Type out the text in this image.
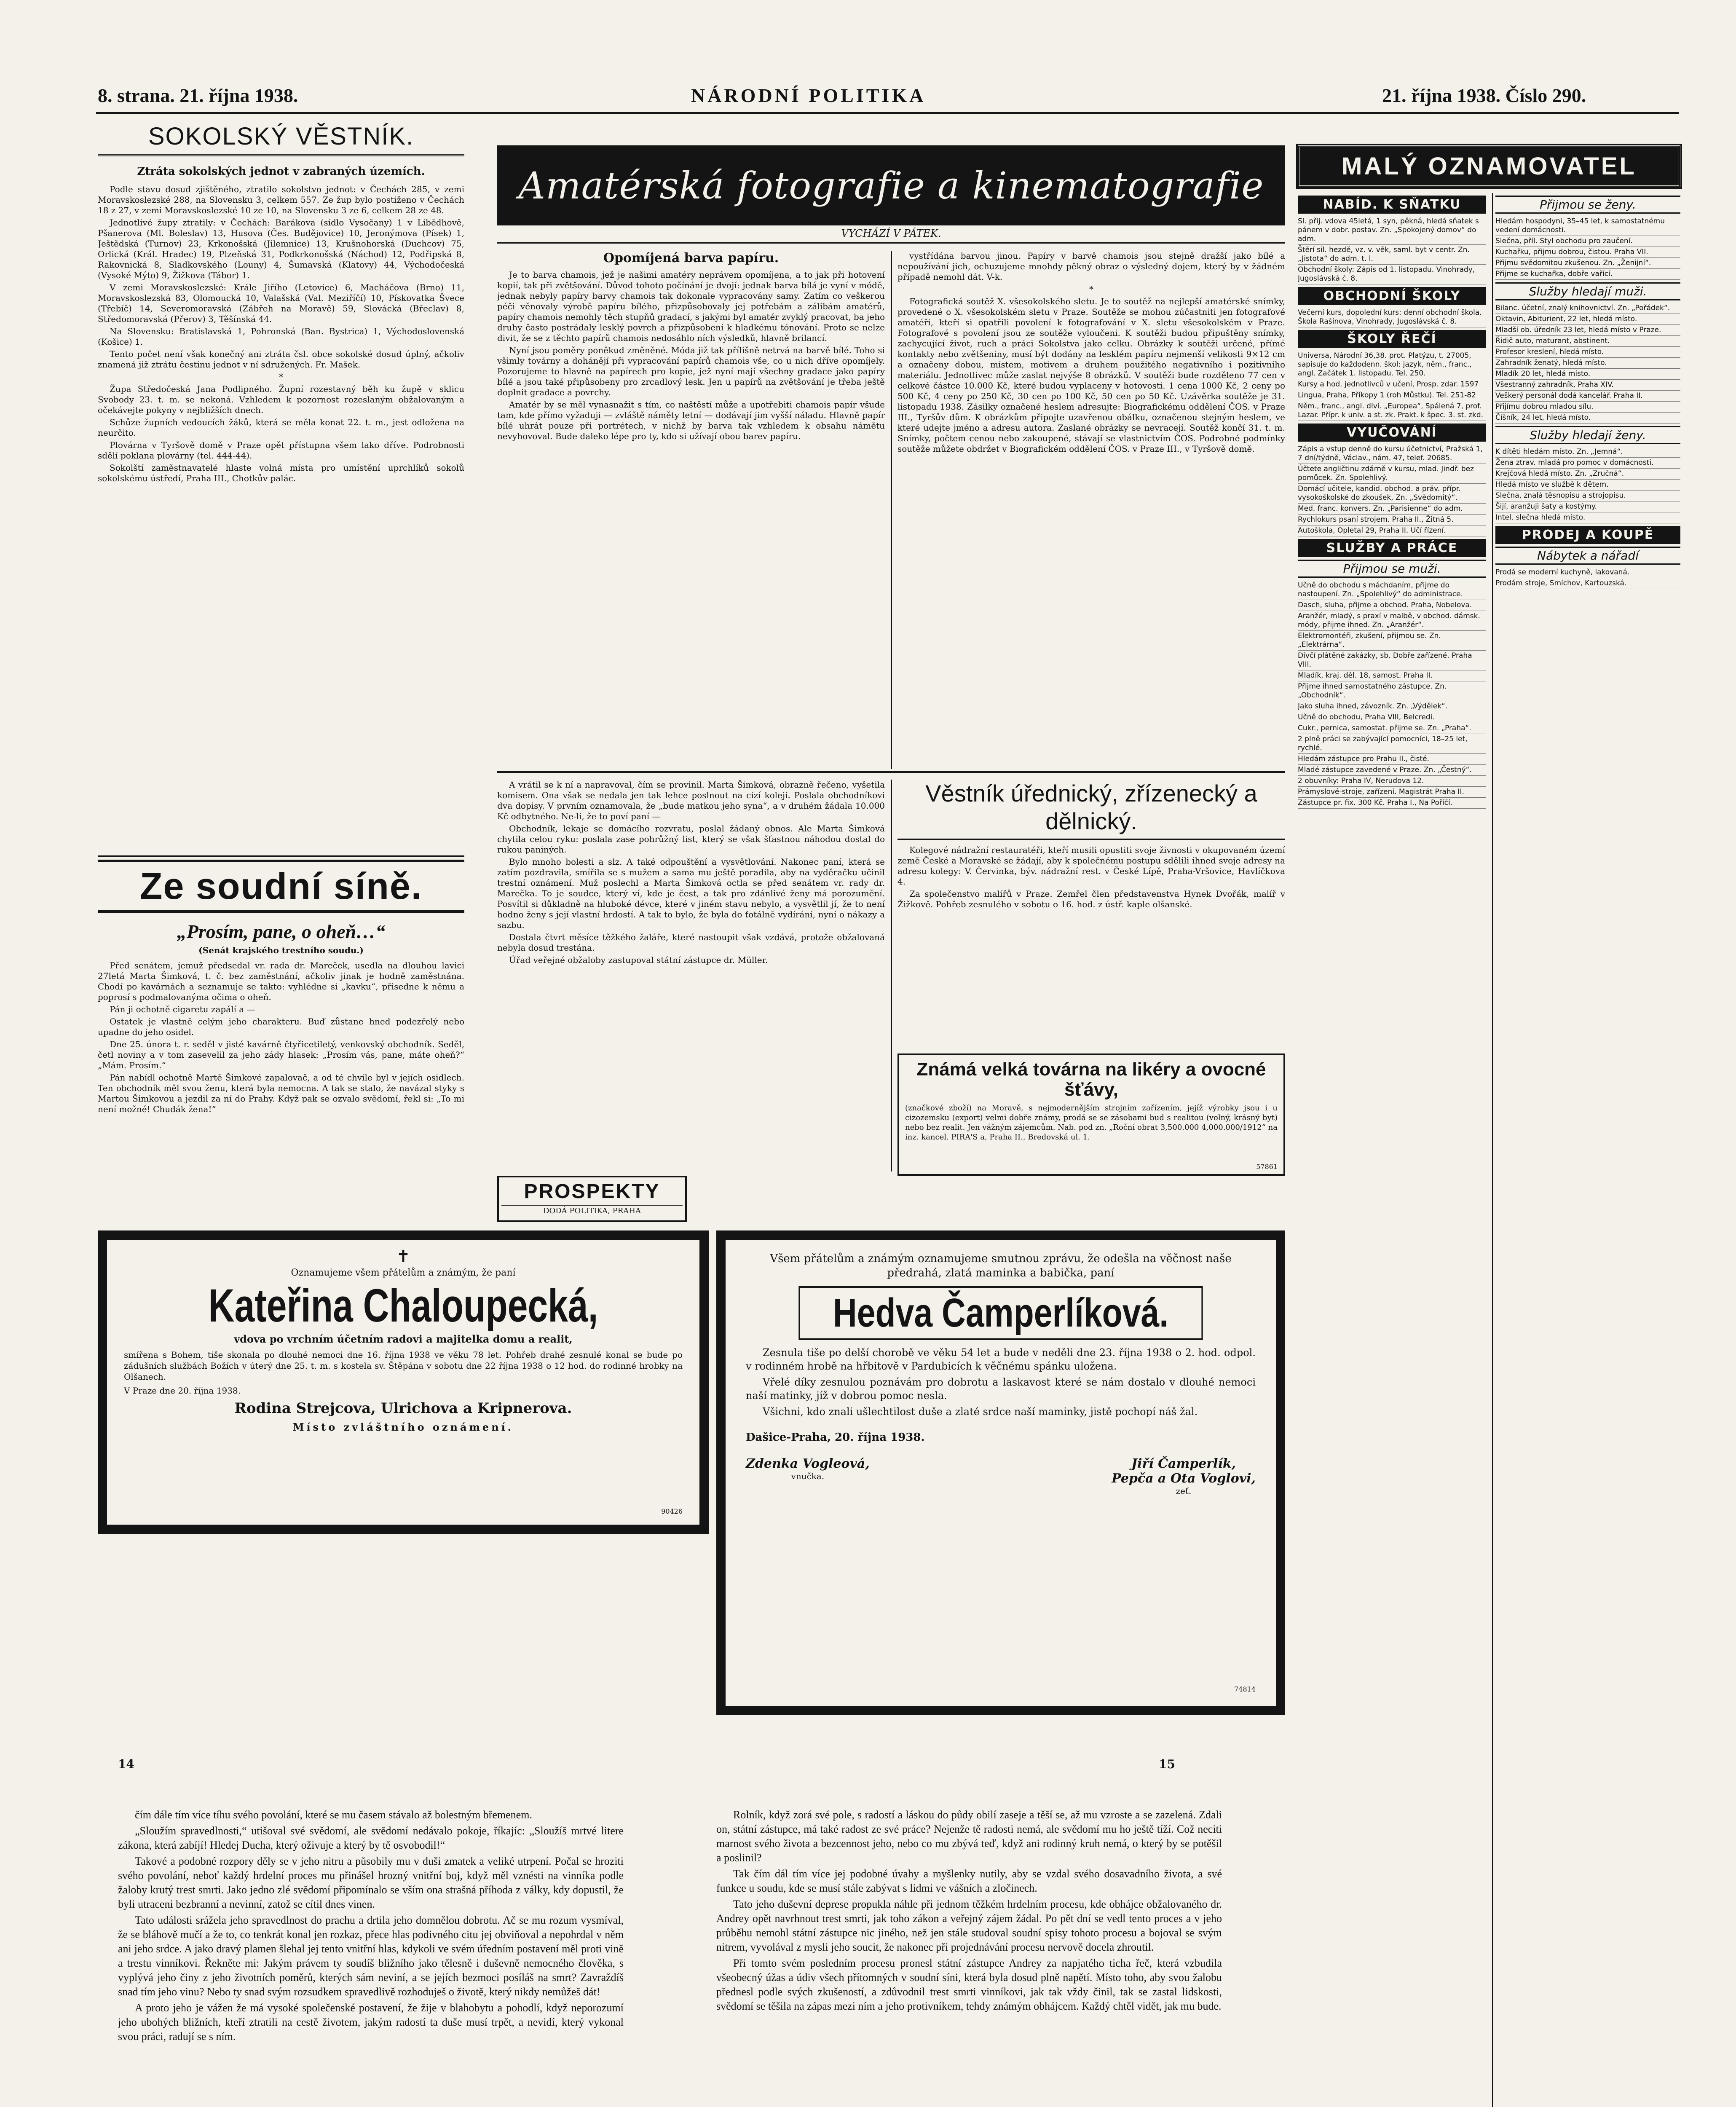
8. strana. 21. října 1938.	NÁRODNÍ POLITIKA	21. října 1938. Číslo 290.
SOKOLSKÝ VĚSTNÍK.
Ztráta sokolských jednot v zabraných územích.

Podle stavu dosud zjištěného, ztratilo sokolstvo jednot: v Čechách 285, v zemi Moravskoslezské 288, na Slovensku 3, celkem 557. Ze žup bylo postiženo v Čechách 18 z 27, v zemi Moravskoslezské 10 ze 10, na Slovensku 3 ze 6, celkem 28 ze 48.

Jednotlivé župy ztratily: v Čechách: Barákova (sídlo Vysočany) 1 v Libědhově, Pšanerova (Ml. Boleslav) 13, Husova (Čes. Budějovice) 10, Jeronýmova (Písek) 1, Ještědská (Turnov) 23, Krkonošská (Jilemnice) 13, Krušnohorská (Duchcov) 75, Orlická (Král. Hradec) 19, Plzeňská 31, Podkrkonošská (Náchod) 12, Podřipská 8, Rakovnická 8, Sladkovského (Louny) 4, Šumavská (Klatovy) 44, Východočeská (Vysoké Mýto) 9, Žižkova (Tábor) 1.

V zemi Moravskoslezské: Krále Jiřího (Letovice) 6, Macháčova (Brno) 11, Moravskoslezská 83, Olomoucká 10, Valašská (Val. Meziříčí) 10, Pískovatka Švece (Třebíč) 14, Severomoravská (Zábřeh na Moravě) 59, Slovácká (Břeclav) 8, Středomoravská (Přerov) 3, Těšínská 44.

Na Slovensku: Bratislavská 1, Pohronská (Ban. Bystrica) 1, Východoslovenská (Košice) 1.

Tento počet není však konečný ani ztráta čsl. obce sokolské dosud úplný, ačkoliv znamená již ztrátu čestinu jednot v ní sdružených. Fr. Mašek.

*

Župa Středočeská Jana Podlipného. Župní rozestavný běh ku župě v sklicu Svobody 23. t. m. se nekoná. Vzhledem k pozornost rozeslaným obžalovaným a očekávejte pokyny v nejbližších dnech.

Schůze župních vedoucích žáků, která se měla konat 22. t. m., jest odložena na neurčito.

Plovárna v Tyršově domě v Praze opět přístupna všem lako dříve. Podrobnosti sdělí poklana plovárny (tel. 444-44).

Sokolští zaměstnavatelé hlaste volná místa pro umístění uprchlíků sokolů sokolskému ústředí, Praha III., Chotkův palác.

Ze soudní síně.
„Prosím, pane, o oheň…“
(Senát krajského trestního soudu.)

Před senátem, jemuž předsedal vr. rada dr. Mareček, usedla na dlouhou lavici 27letá Marta Šimková, t. č. bez zaměstnání, ačkoliv jinak je hodně zaměstnána. Chodí po kavárnách a seznamuje se takto: vyhlédne si „kavku“, přisedne k němu a poprosí s podmalovanýma očima o oheň.

Pán ji ochotně cigaretu zapálí a —

Ostatek je vlastně celým jeho charakteru. Buď zůstane hned podezřelý nebo upadne do jeho osidel.

Dne 25. února t. r. seděl v jisté kavárně čtyřicetiletý, venkovský obchodník. Seděl, četl noviny a v tom zasevelil za jeho zády hlasek: „Prosím vás, pane, máte oheň?“ „Mám. Prosím.“

Pán nabídl ochotně Martě Šimkové zapalovač, a od té chvíle byl v jejích osidlech. Ten obchodník měl svou ženu, která byla nemocna. A tak se stalo, že navázal styky s Martou Šimkovou a jezdil za ní do Prahy. Když pak se ozvalo svědomí, řekl si: „To mi není možné! Chudák žena!“

Amatérská fotografie a kinematografie
VYCHÁZÍ V PÁTEK.
Opomíjená barva papíru.

Je to barva chamois, jež je našimi amatéry neprávem opomíjena, a to jak při hotovení kopií, tak při zvětšování. Důvod tohoto počínání je dvojí: jednak barva bílá je vyní v módě, jednak nebyly papíry barvy chamois tak dokonale vypracovány samy. Zatím co veškerou péči věnovaly výrobě papíru bílého, přizpůsobovaly jej potřebám a zálibám amatérů, papíry chamois nemohly těch stupňů gradací, s jakými byl amatér zvyklý pracovat, ba jeho druhy často postrádaly lesklý povrch a přizpůsobení k hladkému tónování. Proto se nelze divit, že se z těchto papírů chamois nedosáhlo ních výsledků, hlavně brilancí.

Nyní jsou poměry poněkud změněné. Móda již tak přílišně netrvá na barvě bílé. Toho si všimly továrny a dohánějí při vypracování papírů chamois vše, co u nich dříve opomíjely. Pozorujeme to hlavně na papírech pro kopie, jež nyní mají všechny gradace jako papíry bílé a jsou také připůsobeny pro zrcadlový lesk. Jen u papírů na zvětšování je třeba ještě doplnit gradace a povrchy.

Amatér by se měl vynasnažit s tím, co naštěstí může a upotřebiti chamois papír všude tam, kde přímo vyžaduji — zvláště náměty letní — dodávají jim vyšší náladu. Hlavně papír bílé uhrát pouze při portrétech, v nichž by barva tak vzhledem k obsahu námětu nevyhovoval. Bude daleko lépe pro ty, kdo si užívají obou barev papíru.

vystřídána barvou jinou. Papíry v barvě chamois jsou stejně dražší jako bílé a nepoužívání jich, ochuzujeme mnohdy pěkný obraz o výsledný dojem, který by v žádném případě nemohl dát. V-k.

*

Fotografická soutěž X. všesokolského sletu. Je to soutěž na nejlepší amatérské snímky, provedené o X. všesokolském sletu v Praze. Soutěže se mohou zúčastniti jen fotografové amatéři, kteří si opatřili povolení k fotografování v X. sletu všesokolském v Praze. Fotografové s povolení jsou ze soutěže vyloučeni. K soutěži budou připuštěny snímky, zachycující život, ruch a práci Sokolstva jako celku. Obrázky k soutěži určené, přímé kontakty nebo zvětšeniny, musí být dodány na lesklém papíru nejmenší velikosti 9×12 cm a označeny dobou, místem, motivem a druhem použitého negativního i pozitivního materiálu. Jednotlivec může zaslat nejvýše 8 obrázků. V soutěži bude rozděleno 77 cen v celkové částce 10.000 Kč, které budou vyplaceny v hotovosti. 1 cena 1000 Kč, 2 ceny po 500 Kč, 4 ceny po 250 Kč, 30 cen po 100 Kč, 50 cen po 50 Kč. Uzávěrka soutěže je 31. listopadu 1938. Zásilky označené heslem adresujte: Biografickému oddělení ČOS. v Praze III., Tyršův dům. K obrázkům připojte uzavřenou obálku, označenou stejným heslem, ve které udejte jméno a adresu autora. Zaslané obrázky se nevracejí. Soutěž končí 31. t. m. Snímky, počtem cenou nebo zakoupené, stávají se vlastnictvím ČOS. Podrobné podmínky soutěže můžete obdržet v Biografickém oddělení ČOS. v Praze III., v Tyršově domě.

A vrátil se k ní a napravoval, čím se provinil. Marta Šimková, obrazně řečeno, vyšetila komisem. Ona však se nedala jen tak lehce poslnout na cizí koleji. Poslala obchodníkovi dva dopisy. V prvním oznamovala, že „bude matkou jeho syna“, a v druhém žádala 10.000 Kč odbytného. Ne-li, že to poví paní —

Obchodník, lekaje se domácího rozvratu, poslal žádaný obnos. Ale Marta Šimková chytila celou ryku: poslala zase pohrůžný list, který se však šťastnou náhodou dostal do rukou paniných.

Bylo mnoho bolesti a slz. A také odpouštění a vysvětlování. Nakonec paní, která se zatím pozdravila, smířila se s mužem a sama mu ještě poradila, aby na vyděračku učinil trestní oznámení. Muž poslechl a Marta Šimková octla se před senátem vr. rady dr. Marečka. To je soudce, který ví, kde je čest, a tak pro zdánlivé ženy má porozumění. Posvítil si důkladně na hluboké dévce, které v jiném stavu nebylo, a vysvětlil jí, že to není hodno ženy s její vlastní hrdostí. A tak to bylo, že byla do ťotálně vydírání, nyní o nákazy a sazbu.

Dostala čtvrt měsíce těžkého žaláře, které nastoupit však vzdává, protože obžalovaná nebyla dosud trestána.

Úřad veřejné obžaloby zastupoval státní zástupce dr. Müller.

Věstník úřednický, zřízenecký a dělnický.

Kolegové nádražní restauratéři, kteří musili opustiti svoje živnosti v okupovaném území země České a Moravské se žádají, aby k společnému postupu sdělili ihned svoje adresy na adresu kolegy: V. Červinka, býv. nádražní rest. v České Lípě, Praha-Vršovice, Havlíčkova 4.

Za společenstvo malířů v Praze. Zemřel člen představenstva Hynek Dvořák, malíř v Žižkově. Pohřeb zesnulého v sobotu o 16. hod. z ústř. kaple olšanské.

Známá velká továrna na likéry a ovocné šťávy,
(značkové zboží) na Moravě, s nejmodernějším strojním zařízením, jejíž výrobky jsou i u cizozemsku (export) velmi dobře známy, prodá se se zásobami bud s realitou (volný, krásný byt) nebo bez realit. Jen vážným zájemcům. Nab. pod zn. „Roční obrat 3,500.000 4,000.000/1912“ na inz. kancel. PIRA'S a, Praha II., Bredovská ul. 1.
57861
PROSPEKTY
DODÁ POLITIKA, PRAHA
✝
Oznamujeme všem přátelům a známým, že paní
Kateřina Chaloupecká,
vdova po vrchním účetním radovi a majitelka domu a realit,
smířena s Bohem, tiše skonala po dlouhé nemoci dne 16. října 1938 ve věku 78 let. Pohřeb drahé zesnulé konal se bude po zádušních službách Božích v úterý dne 25. t. m. s kostela sv. Štěpána v sobotu dne 22 října 1938 o 12 hod. do rodinné hrobky na Olšanech.
V Praze dne 20. října 1938.
Rodina Strejcova, Ulrichova a Kripnerova.
Místo zvláštního oznámení.
90426
Všem přátelům a známým oznamujeme smutnou zprávu, že odešla na věčnost naše předrahá, zlatá maminka a babička, paní
Hedva Čamperlíková.
Zesnula tiše po delší chorobě ve věku 54 let a bude v neděli dne 23. října 1938 o 2. hod. odpol. v rodinném hrobě na hřbitově v Pardubicích k věčnému spánku uložena.
Vřelé díky zesnulou poznávám pro dobrotu a laskavost které se nám dostalo v dlouhé nemoci naší matinky, jíž v dobrou pomoc nesla.
Všichni, kdo znali ušlechtilost duše a zlaté srdce naší maminky, jistě pochopí náš žal.
Dašice-Praha, 20. října 1938.
Zdenka Vogleová,
vnučka.
Jiří Čamperlík,
Pepča a Ota Voglovi,
zeť.
74814
14	15

čím dále tím více tíhu svého povolání, které se mu časem stávalo až bolestným břemenem.

„Sloužím spravedlnosti,“ utišoval své svědomí, ale svědomí nedávalo pokoje, říkajíc: „Sloužíš mrtvé litere zákona, která zabíjí! Hledej Ducha, který oživuje a který by tě osvobodil!“

Takové a podobné rozpory děly se v jeho nitru a působily mu v duši zmatek a veliké utrpení. Počal se hroziti svého povolání, neboť každý hrdelní proces mu přinášel hrozný vnitřní boj, když měl vznésti na vinníka podle žaloby krutý trest smrti. Jako jedno zlé svědomí připomínalo se vším ona strašná příhoda z války, kdy dopustil, že byli utraceni bezbranní a nevinní, zatož se cítil dnes vinen.

Tato události srážela jeho spravedlnost do prachu a drtila jeho domnělou dobrotu. Ač se mu rozum vysmíval, že se bláhově mučí a že to, co tenkrát konal jen rozkaz, přece hlas podivného citu jej obviňoval a nepohrdal v něm ani jeho srdce. A jako dravý plamen šlehal jej tento vnitřní hlas, kdykoli ve svém úředním postavení měl proti vině a trestu vinníkovi. Řekněte mi: Jakým právem ty soudíš bližního jako tělesně i duševně nemocného člověka, s vyplývá jeho činy z jeho životních poměrů, kterých sám neviní, a se jejích bezmoci posíláš na smrt? Zavraždíš snad tím jeho vinu? Nebo ty snad svým rozsudkem spravedlivě rozhoduješ o životě, který nikdy nemůžeš dát!

A proto jeho je vážen že má vysoké společenské postavení, že žije v blahobytu a pohodlí, když neporozumí jeho ubohých bližních, kteří ztratili na cestě životem, jakým radostí ta duše musí trpět, a nevidí, který vykonal svou práci, radují se s ním.

Rolník, když zorá své pole, s radostí a láskou do půdy obilí zaseje a těší se, až mu vzroste a se zazelená. Zdali on, státní zástupce, má také radost ze své práce? Nejenže tě radosti nemá, ale svědomí mu ho ještě tíží. Což neciti marnost svého života a bezcennost jeho, nebo co mu zbývá teď, když ani rodinný kruh nemá, o který by se potěšil a poslinil?

Tak čím dál tím více jej podobné úvahy a myšlenky nutily, aby se vzdal svého dosavadního života, a své funkce u soudu, kde se musí stále zabývat s lidmi ve vášních a zločinech.

Tato jeho duševní deprese propukla náhle při jednom těžkém hrdelním procesu, kde obhájce obžalovaného dr. Andrey opět navrhnout trest smrti, jak toho zákon a veřejný zájem žádal. Po pět dní se vedl tento proces a v jeho průběhu nemohl státní zástupce nic jiného, než jen stále studoval soudní spisy tohoto procesu a bojoval se svým nitrem, vyvolával z mysli jeho soucit, že nakonec při projednávání procesu nervově docela zhroutil.

Při tomto svém posledním procesu pronesl státní zástupce Andrey za napjatého ticha řeč, která vzbudila všeobecný úžas a údiv všech přítomných v soudní síni, která byla dosud plně napětí. Místo toho, aby svou žalobu přednesl podle svých zkušeností, a zdůvodnil trest smrti vinníkovi, jak tak vždy činil, tak se zastal lidskosti, svědomí se těšila na zápas mezi ním a jeho protivníkem, tehdy známým obhájcem. Každý chtěl vidět, jak mu bude.

MALÝ OZNAMOVATEL
NABÍD. K SŇATKU
Sl. přij. vdova 45letá, 1 syn, pěkná, hledá sňatek s pánem v dobr. postav. Zn. „Spokojený domov“ do adm.
Štěrí sil. hezdě, vz. v. věk, saml. byt v centr. Zn. „Jistota“ do adm. t. l.
Obchodní školy: Zápis od 1. listopadu. Vinohrady, Jugoslávská č. 8.
OBCHODNÍ ŠKOLY
Večerní kurs, dopolední kurs: denní obchodní škola. Škola Rašínova, Vinohrady, Jugoslávská č. 8.
ŠKOLY ŘEČÍ
Universa, Národní 36,38. prot. Platýzu, t. 27005, sapisuje do každodenn. škol: jazyk, něm., franc., angl. Začátek 1. listopadu. Tel. 250.
Kursy a hod. jednotlivců v učení, Prosp. zdar. 1597
Lingua, Praha, Příkopy 1 (roh Můstku). Tel. 251-82
Něm., franc., angl. dlví. „Europea“, Spálená 7, prof. Lazar. Přípr. k univ. a st. zk. Prakt. k špec. 3. st. zkd.
VYUČOVÁNÍ
Zápis a vstup denně do kursu účetnictví, Pražská 1, 7 dní/týdně, Václav., nám. 47, telef. 20685.
Účtete angličtinu zdárně v kursu, mlad. Jindř. bez pomůcek. Zn. Spolehlivý.
Domácí učitele, kandid. obchod. a práv. přípr. vysokoškolské do zkoušek, Zn. „Svědomitý“.
Med. franc. konvers. Zn. „Parisienne“ do adm.
Rychlokurs psaní strojem. Praha II., Žitná 5.
Autoškola, Opletal 29, Praha II. Učí řízení.
SLUŽBY A PRÁCE
Přijmou se muži.
Učně do obchodu s máchdaním, přijme do nastoupení. Zn. „Spolehlivý“ do administrace.
Dasch, sluha, přijme a obchod. Praha, Nobelova.
Aranžér, mladý, s praxí v malbě, v obchod. dámsk. módy, přijme ihned. Zn. „Aranžér“.
Elektromontéři, zkušení, přijmou se. Zn. „Elektrárna“.
Dívčí plátěné zakázky, sb. Dobře zařízené. Praha VIII.
Mladík, kraj. děl. 18, samost. Praha II.
Přijme ihned samostatného zástupce. Zn. „Obchodník“.
Jako sluha ihned, závozník. Zn. „Výdělek“.
Učně do obchodu, Praha VIII, Belcredi.
Cukr., pernica, samostat. přijme se. Zn. „Praha“.
2 plně práci se zabývající pomocníci, 18–25 let, rychlé.
Hledám zástupce pro Prahu II., čisté.
Mladé zástupce zavedené v Praze. Zn. „Čestný“.
2 obuvníky: Praha IV, Nerudova 12.
Prámyslové-stroje, zařízení. Magistrát Praha II.
Zástupce pr. fix. 300 Kč. Praha I., Na Poříčí.
Přijmou se ženy.
Hledám hospodyni, 35–45 let, k samostatnému vedení domácnosti.
Slečna, příl. Styl obchodu pro zaučení.
Kuchařku, přijmu dobrou, čistou. Praha VII.
Přijmu svědomitou zkušenou. Zn. „Ženijní“.
Přijme se kuchařka, dobře vařící.
Služby hledají muži.
Bilanc. účetní, znalý knihovnictví. Zn. „Pořádek“.
Oktavin, Abiturient, 22 let, hledá místo.
Mladší ob. úředník 23 let, hledá místo v Praze.
Řidič auto, maturant, abstinent.
Profesor kreslení, hledá místo.
Zahradník ženatý, hledá místo.
Mladík 20 let, hledá místo.
Všestranný zahradník, Praha XIV.
Veškerý personál dodá kancelář. Praha II.
Přijímu dobrou mladou sílu.
Číšník, 24 let, hledá místo.
Služby hledají ženy.
K dítěti hledám místo. Zn. „Jemná“.
Žena ztrav. mladá pro pomoc v domácnosti.
Krejčová hledá místo. Zn. „Zručná“.
Hledá místo ve službě k dětem.
Slečna, znalá těsnopisu a strojopisu.
Šijí, aranžuji šaty a kostýmy.
Intel. slečna hledá místo.
PRODEJ A KOUPĚ
Nábytek a nářadí
Prodá se moderní kuchyně, lakovaná.
Prodám stroje, Smíchov, Kartouzská.
